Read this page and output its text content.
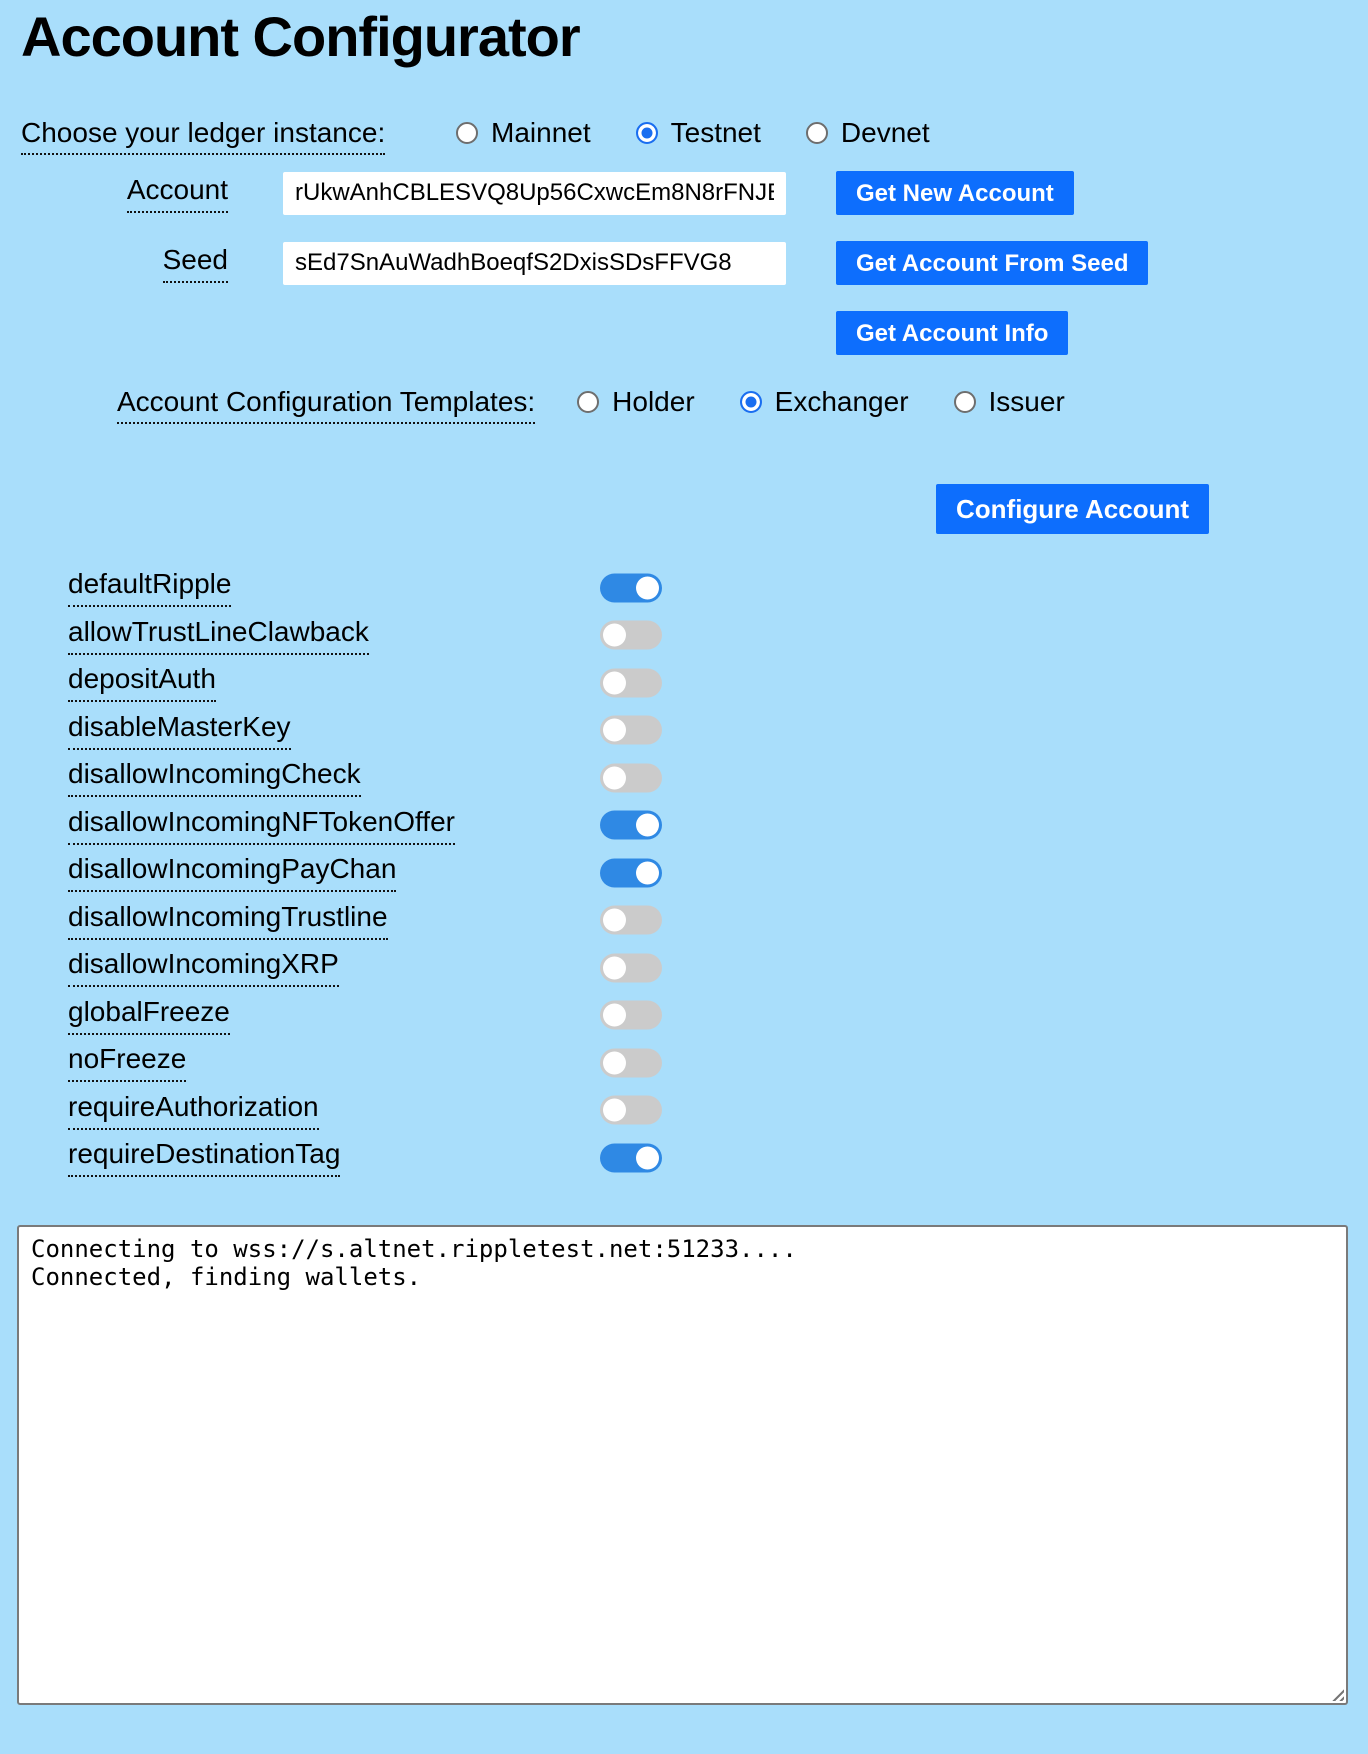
Account Configurator
Choose your ledger instance:	Mainnet	Testnet	Devnet
Account
rUkwAnhCBLESVQ8Up56CxwcEm8N8rFNJE	Get New Account
Seed
sEd7SnAuWadhBoeqfS2DxisSDsFFVG8	Get Account From Seed
Get Account Info
Account Configuration Templates:	Holder	Exchanger	Issuer
Configure Account
defaultRipple
allowTrustLineClawback
depositAuth
disableMasterKey
disallowIncomingCheck
disallowIncomingNFTokenOffer
disallowIncomingPayChan
disallowIncomingTrustline
disallowIncomingXRP
globalFreeze
noFreeze
requireAuthorization
requireDestinationTag
Connecting to wss://s.altnet.rippletest.net:51233.... Connected, finding wallets.
